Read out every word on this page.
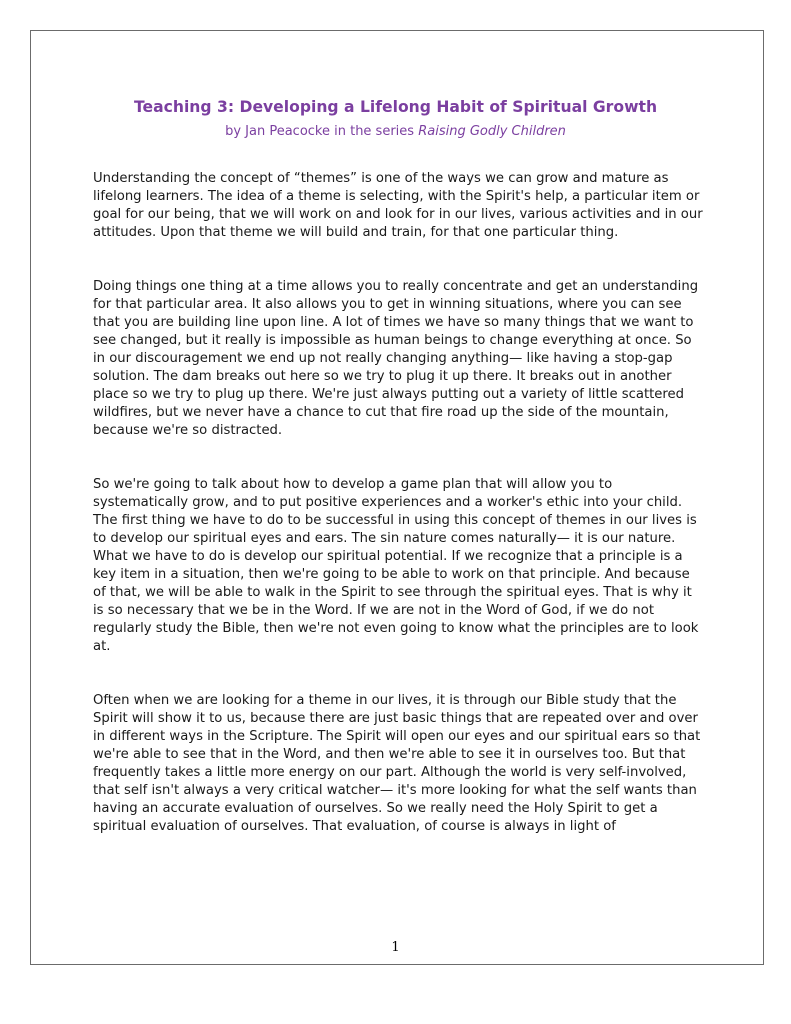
Teaching 3: Developing a Lifelong Habit of Spiritual Growth

by Jan Peacocke in the series Raising Godly Children

Understanding the concept of “themes” is one of the ways we can grow and mature as lifelong learners. The idea of a theme is selecting, with the Spirit's help, a particular item or goal for our being, that we will work on and look for in our lives, various activities and in our attitudes. Upon that theme we will build and train, for that one particular thing.

Doing things one thing at a time allows you to really concentrate and get an understanding for that particular area. It also allows you to get in winning situations, where you can see that you are building line upon line. A lot of times we have so many things that we want to see changed, but it really is impossible as human beings to change everything at once. So in our discouragement we end up not really changing anything— like having a stop-gap solution. The dam breaks out here so we try to plug it up there. It breaks out in another place so we try to plug up there. We're just always putting out a variety of little scattered wildfires, but we never have a chance to cut that fire road up the side of the mountain, because we're so distracted.

So we're going to talk about how to develop a game plan that will allow you to systematically grow, and to put positive experiences and a worker's ethic into your child. The first thing we have to do to be successful in using this concept of themes in our lives is to develop our spiritual eyes and ears. The sin nature comes naturally— it is our nature. What we have to do is develop our spiritual potential. If we recognize that a principle is a key item in a situation, then we're going to be able to work on that principle. And because of that, we will be able to walk in the Spirit to see through the spiritual eyes. That is why it is so necessary that we be in the Word. If we are not in the Word of God, if we do not regularly study the Bible, then we're not even going to know what the principles are to look at.

Often when we are looking for a theme in our lives, it is through our Bible study that the Spirit will show it to us, because there are just basic things that are repeated over and over in different ways in the Scripture. The Spirit will open our eyes and our spiritual ears so that we're able to see that in the Word, and then we're able to see it in ourselves too. But that frequently takes a little more energy on our part. Although the world is very self-involved, that self isn't always a very critical watcher— it's more looking for what the self wants than having an accurate evaluation of ourselves. So we really need the Holy Spirit to get a spiritual evaluation of ourselves. That evaluation, of course is always in light of

1
